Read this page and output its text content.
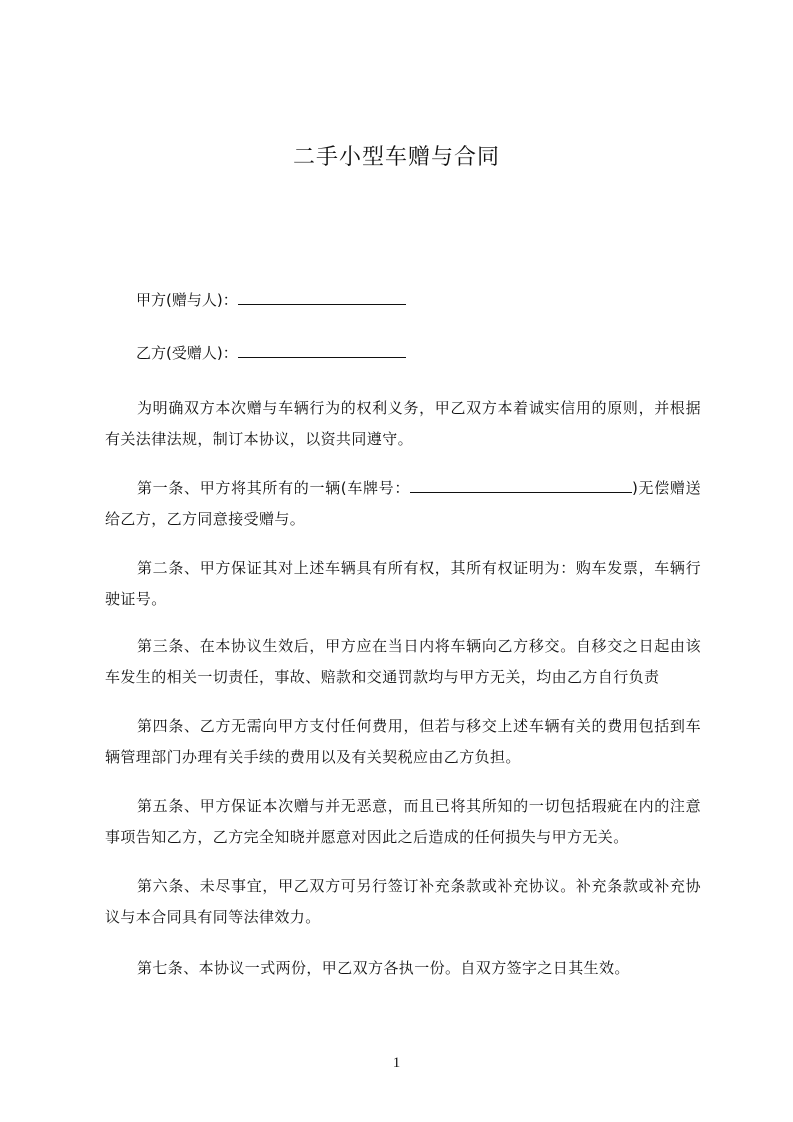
二手小型车赠与合同
甲方(赠与人)：
乙方(受赠人)：
为明确双方本次赠与车辆行为的权利义务，甲乙双方本着诚实信用的原则，并根据有关法律法规，制订本协议，以资共同遵守。
第一条、甲方将其所有的一辆(车牌号：	)无偿赠送给乙方，乙方同意接受赠与。
第二条、甲方保证其对上述车辆具有所有权，其所有权证明为：购车发票，车辆行驶证号。
第三条、在本协议生效后，甲方应在当日内将车辆向乙方移交。自移交之日起由该车发生的相关一切责任，事故、赔款和交通罚款均与甲方无关，均由乙方自行负责
第四条、乙方无需向甲方支付任何费用，但若与移交上述车辆有关的费用包括到车辆管理部门办理有关手续的费用以及有关契税应由乙方负担。
第五条、甲方保证本次赠与并无恶意，而且已将其所知的一切包括瑕疵在内的注意事项告知乙方，乙方完全知晓并愿意对因此之后造成的任何损失与甲方无关。
第六条、未尽事宜，甲乙双方可另行签订补充条款或补充协议。补充条款或补充协议与本合同具有同等法律效力。
第七条、本协议一式两份，甲乙双方各执一份。自双方签字之日其生效。
1
